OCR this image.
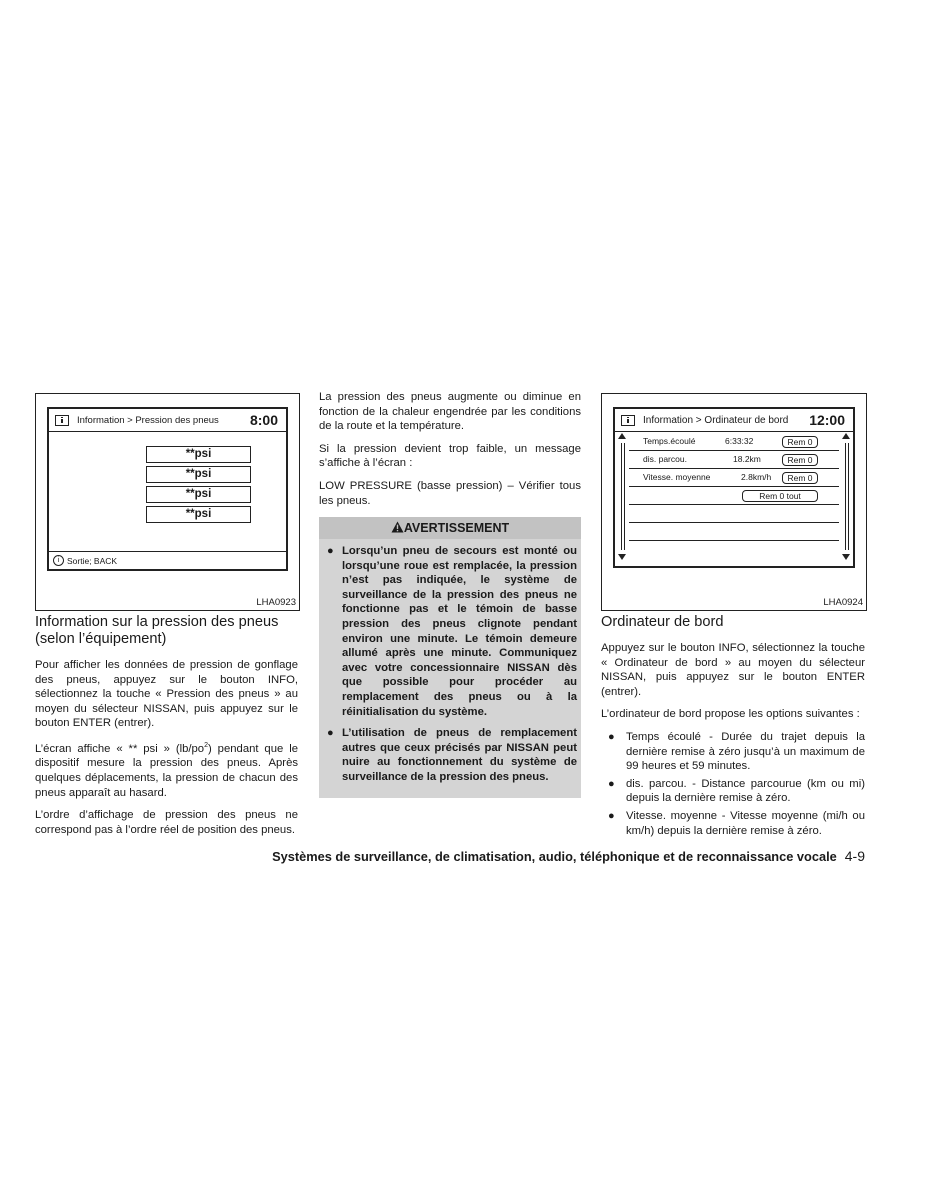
Information > Pression des pneus 8:00
**psi
**psi
**psi
**psi
i Sortie; BACK
LHA0923
Information sur la pression des pneus
(selon l’équipement)

Pour afficher les données de pression de gonflage des pneus, appuyez sur le bouton INFO, sélectionnez la touche « Pression des pneus » au moyen du sélecteur NISSAN, puis appuyez sur le bouton ENTER (entrer).

L’écran affiche « ** psi » $(lb/po^2)$ pendant que le dispositif mesure la pression des pneus. Après quelques déplacements, la pression de chacun des pneus apparaît au hasard.

L’ordre d’affichage de pression des pneus ne correspond pas à l’ordre réel de position des pneus.

La pression des pneus augmente ou diminue en fonction de la chaleur engendrée par les conditions de la route et la température.

Si la pression devient trop faible, un message s’affiche à l’écran :

LOW PRESSURE (basse pression) – Vérifier tous les pneus.

AVERTISSEMENT
● Lorsqu’un pneu de secours est monté ou lorsqu’une roue est remplacée, la pression n’est pas indiquée, le système de surveillance de la pression des pneus ne fonctionne pas et le témoin de basse pression des pneus clignote pendant environ une minute. Le témoin demeure allumé après une minute. Communiquez avec votre concessionnaire NISSAN dès que possible pour procéder au remplacement des pneus ou à la réinitialisation du système.
● L’utilisation de pneus de remplacement autres que ceux précisés par NISSAN peut nuire au fonctionnement du système de surveillance de la pression des pneus.
Information > Ordinateur de bord 12:00
Temps.écoulé	6:33:32	Rem 0
dis. parcou.	18.2km	Rem 0
Vitesse. moyenne	2.8km/h	Rem 0
Rem 0 tout
LHA0924
Ordinateur de bord

Appuyez sur le bouton INFO, sélectionnez la touche « Ordinateur de bord » au moyen du sélecteur NISSAN, puis appuyez sur le bouton ENTER (entrer).

L’ordinateur de bord propose les options suivantes :

● Temps écoulé - Durée du trajet depuis la dernière remise à zéro jusqu’à un maximum de 99 heures et 59 minutes.
● dis. parcou. - Distance parcourue (km ou mi) depuis la dernière remise à zéro.
● Vitesse. moyenne - Vitesse moyenne (mi/h ou km/h) depuis la dernière remise à zéro.
Systèmes de surveillance, de climatisation, audio, téléphonique et de reconnaissance vocale 4-9
